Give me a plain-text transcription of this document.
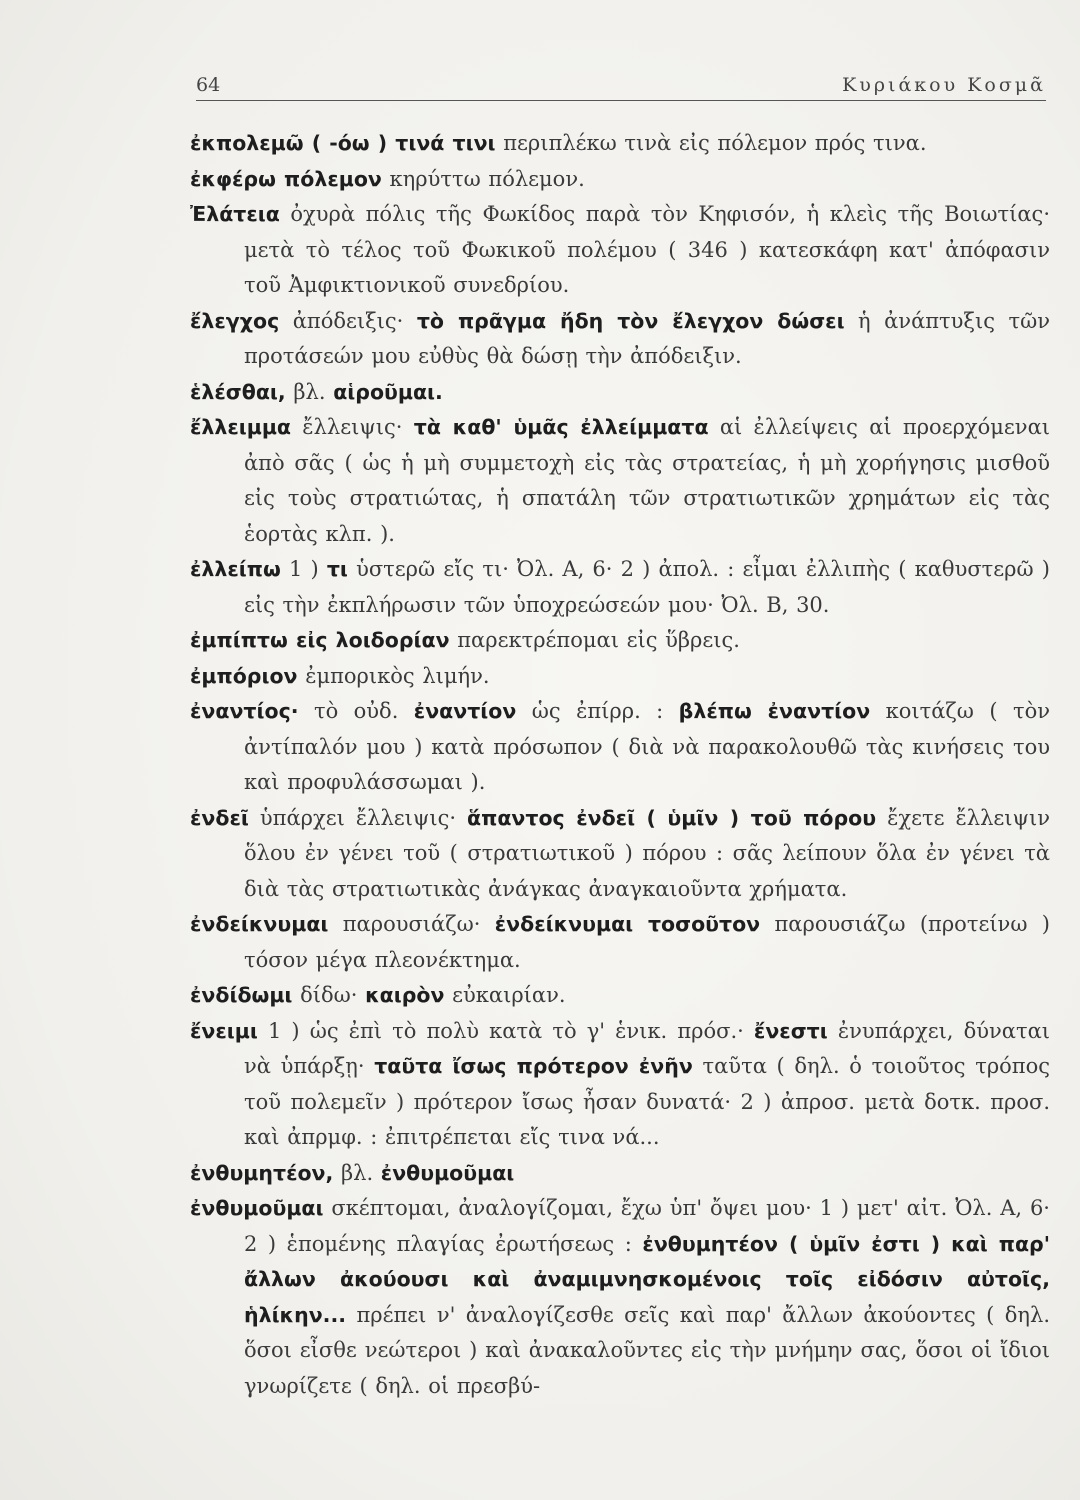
64	Κυριάκου Κοσμᾶ

ἐκπολεμῶ ( -όω ) τινά τινι περιπλέκω τινὰ εἰς πόλεμον πρός τινα.

ἐκφέρω πόλεμον κηρύττω πόλεμον.

Ἐλάτεια ὀχυρὰ πόλις τῆς Φωκίδος παρὰ τὸν Κηφισόν, ἡ κλεὶς τῆς Βοιωτίας· μετὰ τὸ τέλος τοῦ Φωκικοῦ πολέμου ( 346 ) κατεσκάφη κατ' ἀπόφασιν τοῦ Ἀμφικτιονικοῦ συνεδρίου.

ἔλεγχος ἀπόδειξις· τὸ πρᾶγμα ἤδη τὸν ἔλεγχον δώσει ἡ ἀνάπτυξις τῶν προτάσεών μου εὐθὺς θὰ δώσῃ τὴν ἀπόδειξιν.

ἑλέσθαι, βλ. αἱροῦμαι.

ἔλλειμμα ἔλλειψις· τὰ καθ' ὑμᾶς ἐλλείμματα αἱ ἐλλείψεις αἱ προερχόμεναι ἀπὸ σᾶς ( ὡς ἡ μὴ συμμετοχὴ εἰς τὰς στρατείας, ἡ μὴ χορήγησις μισθοῦ εἰς τοὺς στρατιώτας, ἡ σπατάλη τῶν στρατιωτικῶν χρημάτων εἰς τὰς ἑορτὰς κλπ. ).

ἐλλείπω 1 ) τι ὑστερῶ εἴς τι· Ὀλ. Α, 6· 2 ) ἀπολ. : εἶμαι ἐλλιπὴς ( καθυστερῶ ) εἰς τὴν ἐκπλήρωσιν τῶν ὑποχρεώσεών μου· Ὀλ. Β, 30.

ἐμπίπτω εἰς λοιδορίαν παρεκτρέπομαι εἰς ὕβρεις.

ἐμπόριον ἐμπορικὸς λιμήν.

ἐναντίος· τὸ οὐδ. ἐναντίον ὡς ἐπίρρ. : βλέπω ἐναντίον κοιτάζω ( τὸν ἀντίπαλόν μου ) κατὰ πρόσωπον ( διὰ νὰ παρακολουθῶ τὰς κινήσεις του καὶ προφυλάσσωμαι ).

ἐνδεῖ ὑπάρχει ἔλλειψις· ἅπαντος ἐνδεῖ ( ὑμῖν ) τοῦ πόρου ἔχετε ἔλλειψιν ὅλου ἐν γένει τοῦ ( στρατιωτικοῦ ) πόρου : σᾶς λείπουν ὅλα ἐν γένει τὰ διὰ τὰς στρατιωτικὰς ἀνάγκας ἀναγκαιοῦντα χρήματα.

ἐνδείκνυμαι παρουσιάζω· ἐνδείκνυμαι τοσοῦτον παρουσιάζω (προτείνω ) τόσον μέγα πλεονέκτημα.

ἐνδίδωμι δίδω· καιρὸν εὐκαιρίαν.

ἔνειμι 1 ) ὡς ἐπὶ τὸ πολὺ κατὰ τὸ γ' ἑνικ. πρόσ.· ἔνεστι ἐνυπάρχει, δύναται νὰ ὑπάρξῃ· ταῦτα ἴσως πρότερον ἐνῆν ταῦτα ( δηλ. ὁ τοιοῦτος τρόπος τοῦ πολεμεῖν ) πρότερον ἴσως ἦσαν δυνατά· 2 ) ἀπροσ. μετὰ δοτκ. προσ. καὶ ἀπρμφ. : ἐπιτρέπεται εἴς τινα νά...

ἐνθυμητέον, βλ. ἐνθυμοῦμαι

ἐνθυμοῦμαι σκέπτομαι, ἀναλογίζομαι, ἔχω ὑπ' ὄψει μου· 1 ) μετ' αἰτ. Ὀλ. Α, 6· 2 ) ἑπομένης πλαγίας ἐρωτήσεως : ἐνθυμητέον ( ὑμῖν ἐστι ) καὶ παρ' ἄλλων ἀκούουσι καὶ ἀναμιμνησκομένοις τοῖς εἰδόσιν αὐτοῖς, ἡλίκην... πρέπει ν' ἀναλογίζεσθε σεῖς καὶ παρ' ἄλλων ἀκούοντες ( δηλ. ὅσοι εἶσθε νεώτεροι ) καὶ ἀνακαλοῦντες εἰς τὴν μνήμην σας, ὅσοι οἱ ἴδιοι γνωρίζετε ( δηλ. οἱ πρεσβύ-
